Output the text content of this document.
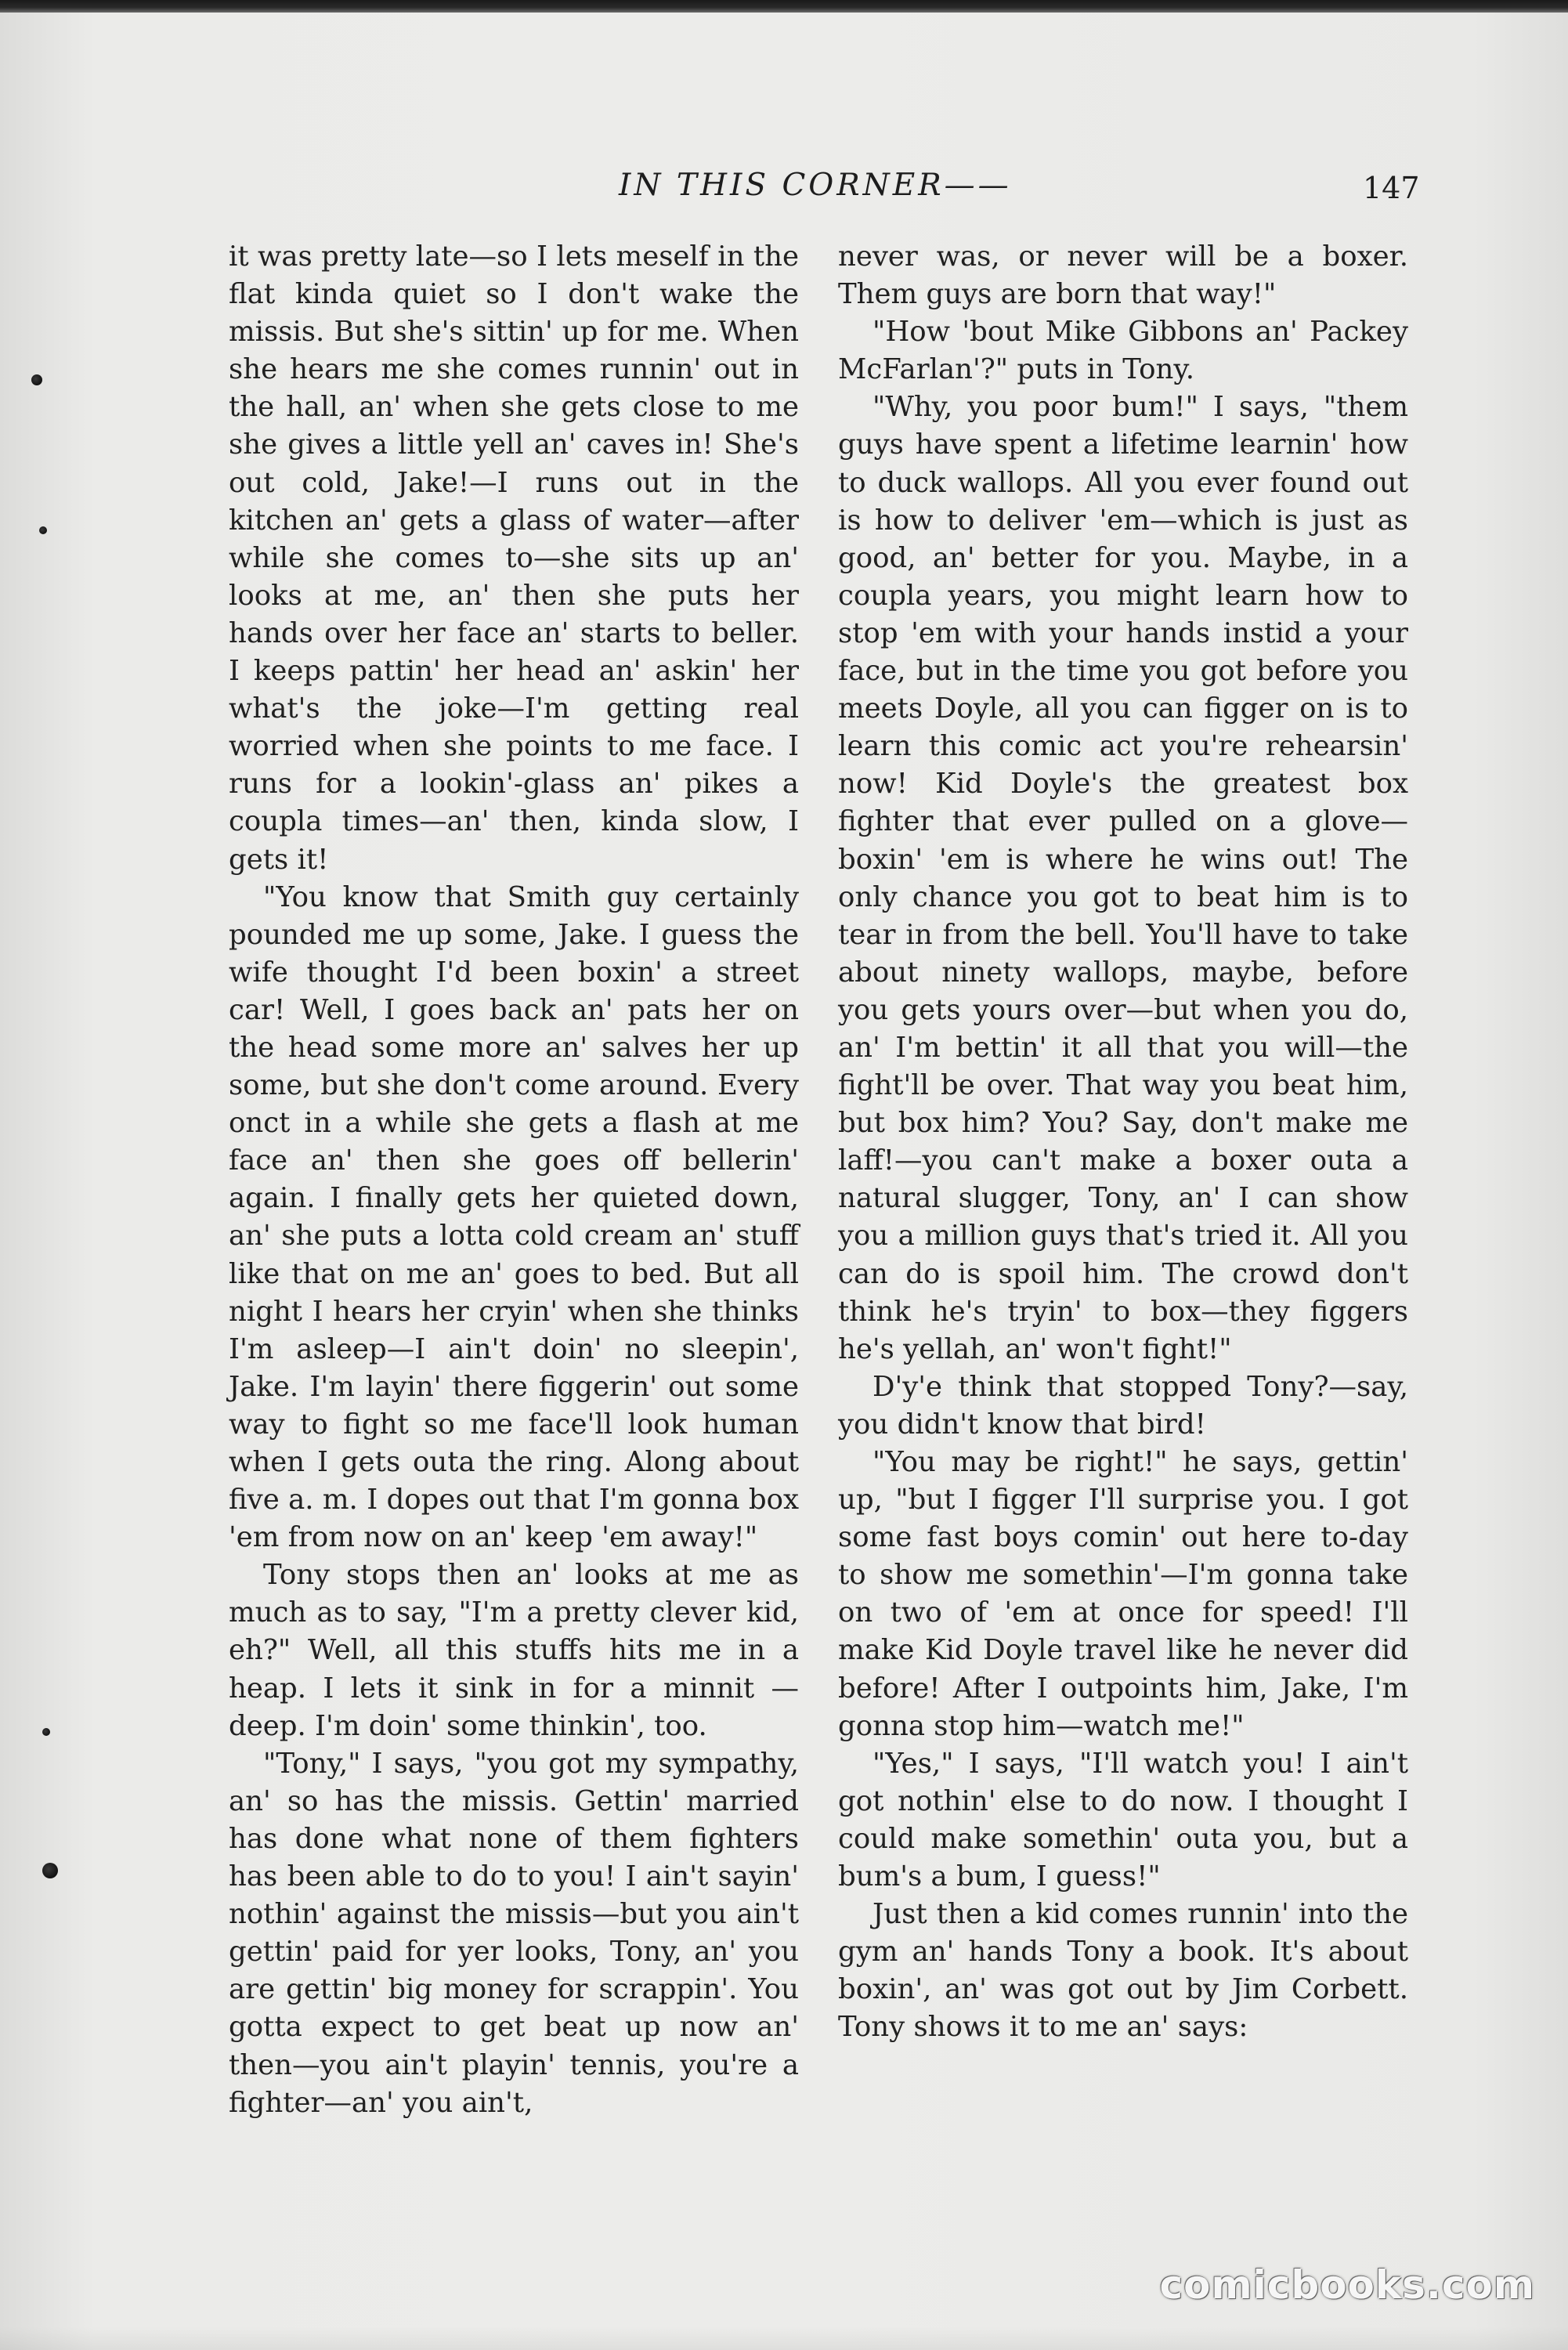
IN THIS CORNER——	147

it was pretty late—so I lets meself in the flat kinda quiet so I don't wake the missis. But she's sittin' up for me. When she hears me she comes runnin' out in the hall, an' when she gets close to me she gives a little yell an' caves in! She's out cold, Jake!—I runs out in the kitchen an' gets a glass of water—after while she comes to—she sits up an' looks at me, an' then she puts her hands over her face an' starts to beller. I keeps pattin' her head an' askin' her what's the joke—I'm getting real worried when she points to me face. I runs for a lookin'-glass an' pikes a coupla times—an' then, kinda slow, I gets it!

"You know that Smith guy certainly pounded me up some, Jake. I guess the wife thought I'd been boxin' a street car! Well, I goes back an' pats her on the head some more an' salves her up some, but she don't come around. Every onct in a while she gets a flash at me face an' then she goes off bellerin' again. I finally gets her quieted down, an' she puts a lotta cold cream an' stuff like that on me an' goes to bed. But all night I hears her cryin' when she thinks I'm asleep—I ain't doin' no sleepin', Jake. I'm layin' there figgerin' out some way to fight so me face'll look human when I gets outa the ring. Along about five a. m. I dopes out that I'm gonna box 'em from now on an' keep 'em away!"

Tony stops then an' looks at me as much as to say, "I'm a pretty clever kid, eh?" Well, all this stuffs hits me in a heap. I lets it sink in for a minnit —deep. I'm doin' some thinkin', too.

"Tony," I says, "you got my sympathy, an' so has the missis. Gettin' married has done what none of them fighters has been able to do to you! I ain't sayin' nothin' against the missis—but you ain't gettin' paid for yer looks, Tony, an' you are gettin' big money for scrappin'. You gotta expect to get beat up now an' then—you ain't playin' tennis, you're a fighter—an' you ain't,

never was, or never will be a boxer. Them guys are born that way!"

"How 'bout Mike Gibbons an' Packey McFarlan'?" puts in Tony.

"Why, you poor bum!" I says, "them guys have spent a lifetime learnin' how to duck wallops. All you ever found out is how to deliver 'em—which is just as good, an' better for you. Maybe, in a coupla years, you might learn how to stop 'em with your hands instid a your face, but in the time you got before you meets Doyle, all you can figger on is to learn this comic act you're rehearsin' now! Kid Doyle's the greatest box fighter that ever pulled on a glove—boxin' 'em is where he wins out! The only chance you got to beat him is to tear in from the bell. You'll have to take about ninety wallops, maybe, before you gets yours over—but when you do, an' I'm bettin' it all that you will—the fight'll be over. That way you beat him, but box him? You? Say, don't make me laff!—you can't make a boxer outa a natural slugger, Tony, an' I can show you a million guys that's tried it. All you can do is spoil him. The crowd don't think he's tryin' to box—they figgers he's yellah, an' won't fight!"

D'y'e think that stopped Tony?—say, you didn't know that bird!

"You may be right!" he says, gettin' up, "but I figger I'll surprise you. I got some fast boys comin' out here to-day to show me somethin'—I'm gonna take on two of 'em at once for speed! I'll make Kid Doyle travel like he never did before! After I outpoints him, Jake, I'm gonna stop him—watch me!"

"Yes," I says, "I'll watch you! I ain't got nothin' else to do now. I thought I could make somethin' outa you, but a bum's a bum, I guess!"

Just then a kid comes runnin' into the gym an' hands Tony a book. It's about boxin', an' was got out by Jim Corbett. Tony shows it to me an' says:

comicbooks.com
